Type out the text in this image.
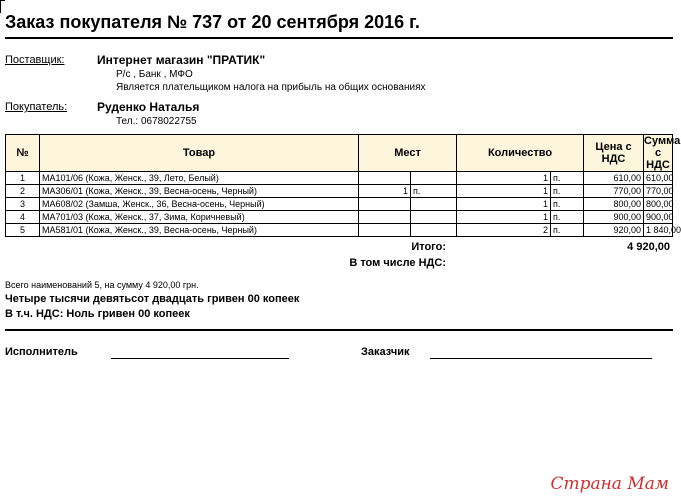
Заказ покупателя № 737 от 20 сентября 2016 г.
Поставщик:	Интернет магазин "ПРАТИК"
Р/с , Банк , МФО
Является плательщиком налога на прибыль на общих основаниях
Покупатель: Руденко Наталья
Тел.: 0678022755
№	Товар	Мест		Количество		Цена с НДС	Сумма с НДС
1	MA101/06 (Кожа, Женск., 39, Лето, Белый)			1	п.	610,00	610,00
2	MA306/01 (Кожа, Женск., 39, Весна-осень, Черный)	1	п.	1	п.	770,00	770,00
3	MA608/02 (Замша, Женск., 36, Весна-осень, Черный)			1	п.	800,00	800,00
4	MA701/03 (Кожа, Женск., 37, Зима, Коричневый)			1	п.	900,00	900,00
5	MA581/01 (Кожа, Женск., 39, Весна-осень, Черный)			2	п.	920,00	1 840,00
Итого:	4 920,00
В том числе НДС:
Всего наименований 5, на сумму 4 920,00 грн.
Четыре тысячи девятьсот двадцать гривен 00 копеек
В т.ч. НДС: Ноль гривен 00 копеек
Исполнитель	Заказчик
Страна Мам
